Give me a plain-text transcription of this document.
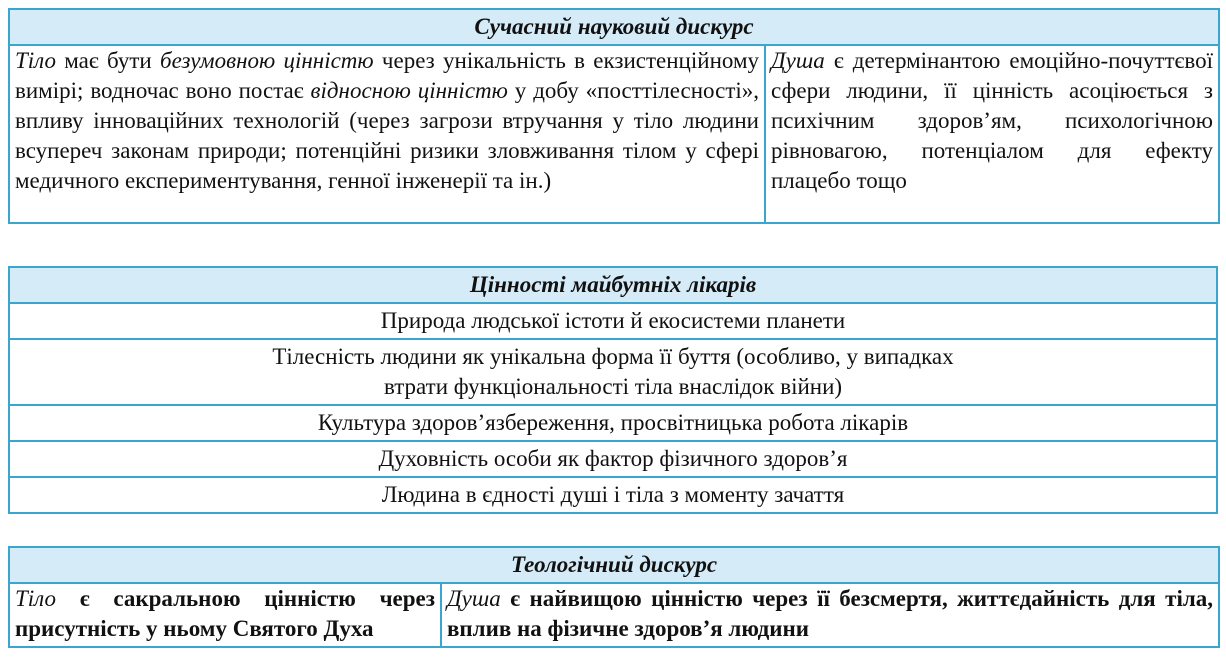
Сучасний науковий дискурс
Тіло має бути безумовною цінністю через унікальність в екзистенційному вимірі; водночас воно постає відносною цінністю у добу «посттілесності», впливу інноваційних технологій (через загрози втручання у тіло людини всупереч законам природи; потенційні ризики зловживання тілом у сфері медичного експериментування, генної інженерії та ін.)	Душа є детермінантою емоційно-почуттєвої сфери людини, її цінність асоціюється з психічним здоров’ям, психологічною рівновагою, потенціалом для ефекту плацебо тощо
Цінності майбутніх лікарів
Природа людської істоти й екосистеми планети
Тілесність людини як унікальна форма її буття (особливо, у випадках втрати функціональності тіла внаслідок війни)
Культура здоров’язбереження, просвітницька робота лікарів
Духовність особи як фактор фізичного здоров’я
Людина в єдності душі і тіла з моменту зачаття
Теологічний дискурс
Тіло є сакральною цінністю через присутність у ньому Святого Духа	Душа є найвищою цінністю через її безсмертя, життєдайність для тіла, вплив на фізичне здоров’я людини
